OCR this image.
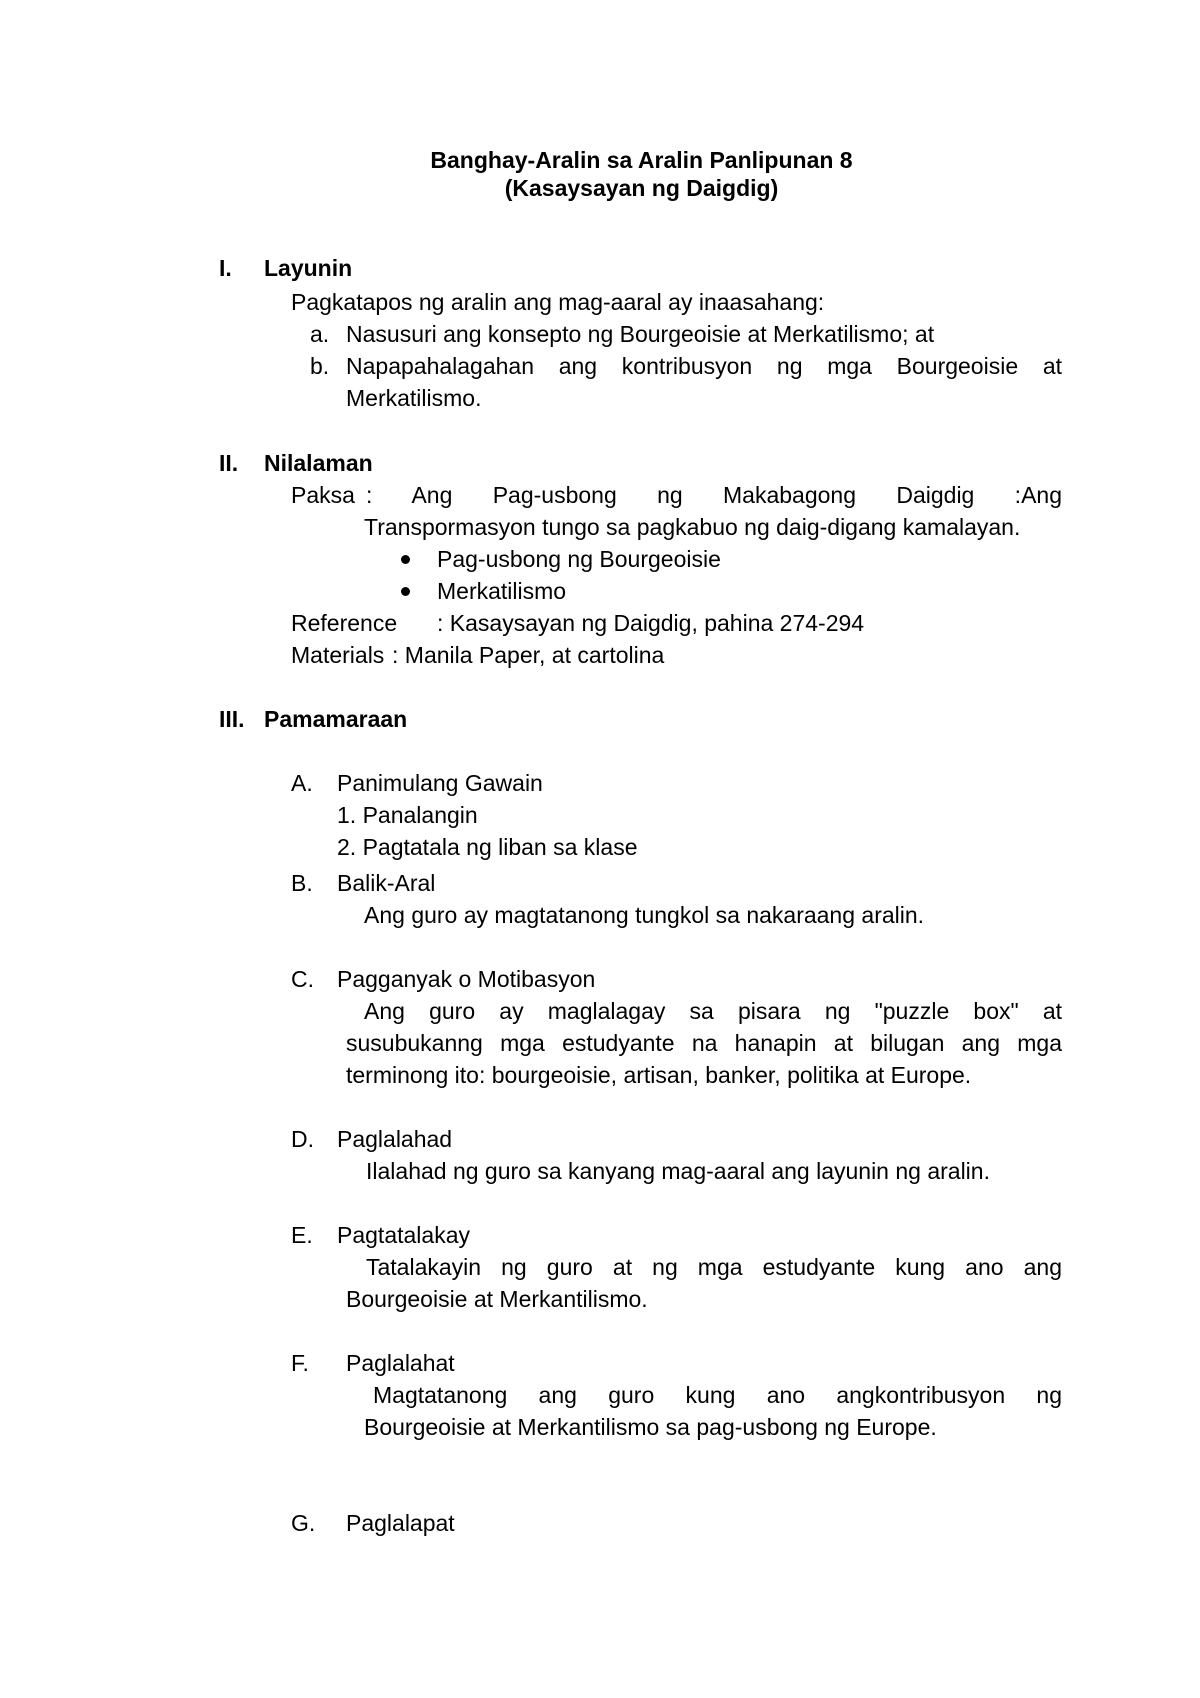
Banghay-Aralin sa Aralin Panlipunan 8
(Kasaysayan ng Daigdig)
I. Layunin
Pagkatapos ng aralin ang mag-aaral ay inaasahang:
a. Nasusuri ang konsepto ng Bourgeoisie at Merkatilismo; at
b. Napapahalagahan ang kontribusyon ng mga Bourgeoisie at
Merkatilismo.
II. Nilalaman
Paksa : Ang Pag-usbong ng Makabagong Daigdig :Ang
Transpormasyon tungo sa pagkabuo ng daig-digang kamalayan.
Pag-usbong ng Bourgeoisie
Merkatilismo
Reference : Kasaysayan ng Daigdig, pahina 274-294
Materials : Manila Paper, at cartolina
III. Pamamaraan
A. Panimulang Gawain
1. Panalangin
2. Pagtatala ng liban sa klase
B. Balik-Aral
Ang guro ay magtatanong tungkol sa nakaraang aralin.
C. Pagganyak o Motibasyon
Ang guro ay maglalagay sa pisara ng "puzzle box" at
susubukanng mga estudyante na hanapin at bilugan ang mga
terminong ito: bourgeoisie, artisan, banker, politika at Europe.
D. Paglalahad
Ilalahad ng guro sa kanyang mag-aaral ang layunin ng aralin.
E. Pagtatalakay
Tatalakayin ng guro at ng mga estudyante kung ano ang
Bourgeoisie at Merkantilismo.
F. Paglalahat
Magtatanong ang guro kung ano angkontribusyon ng
Bourgeoisie at Merkantilismo sa pag-usbong ng Europe.
G. Paglalapat
